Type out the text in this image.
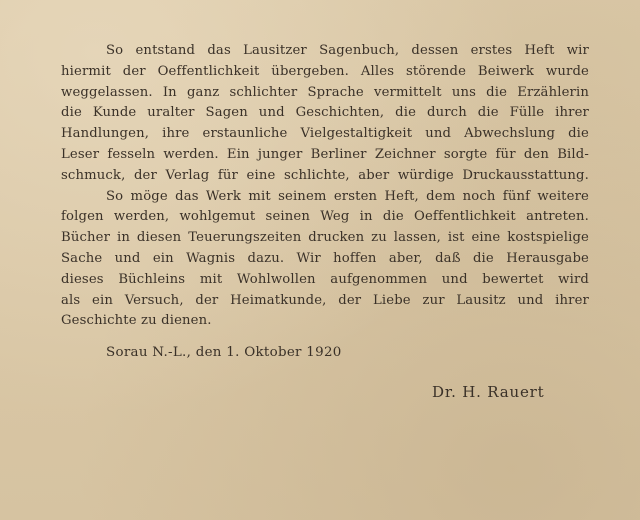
So entstand das Lausitzer Sagenbuch, dessen erstes Heft wir
hiermit der Oeffentlichkeit übergeben. Alles störende Beiwerk wurde
weggelassen. In ganz schlichter Sprache vermittelt uns die Erzählerin
die Kunde uralter Sagen und Geschichten, die durch die Fülle ihrer
Handlungen, ihre erstaunliche Vielgestaltigkeit und Abwechslung die
Leser fesseln werden. Ein junger Berliner Zeichner sorgte für den Bild-
schmuck, der Verlag für eine schlichte, aber würdige Druckausstattung.
So möge das Werk mit seinem ersten Heft, dem noch fünf weitere
folgen werden, wohlgemut seinen Weg in die Oeffentlichkeit antreten.
Bücher in diesen Teuerungszeiten drucken zu lassen, ist eine kostspielige
Sache und ein Wagnis dazu. Wir hoffen aber, daß die Herausgabe
dieses Büchleins mit Wohlwollen aufgenommen und bewertet wird
als ein Versuch, der Heimatkunde, der Liebe zur Lausitz und ihrer
Geschichte zu dienen.
Sorau N.-L., den 1. Oktober 1920
Dr. H. Rauert
